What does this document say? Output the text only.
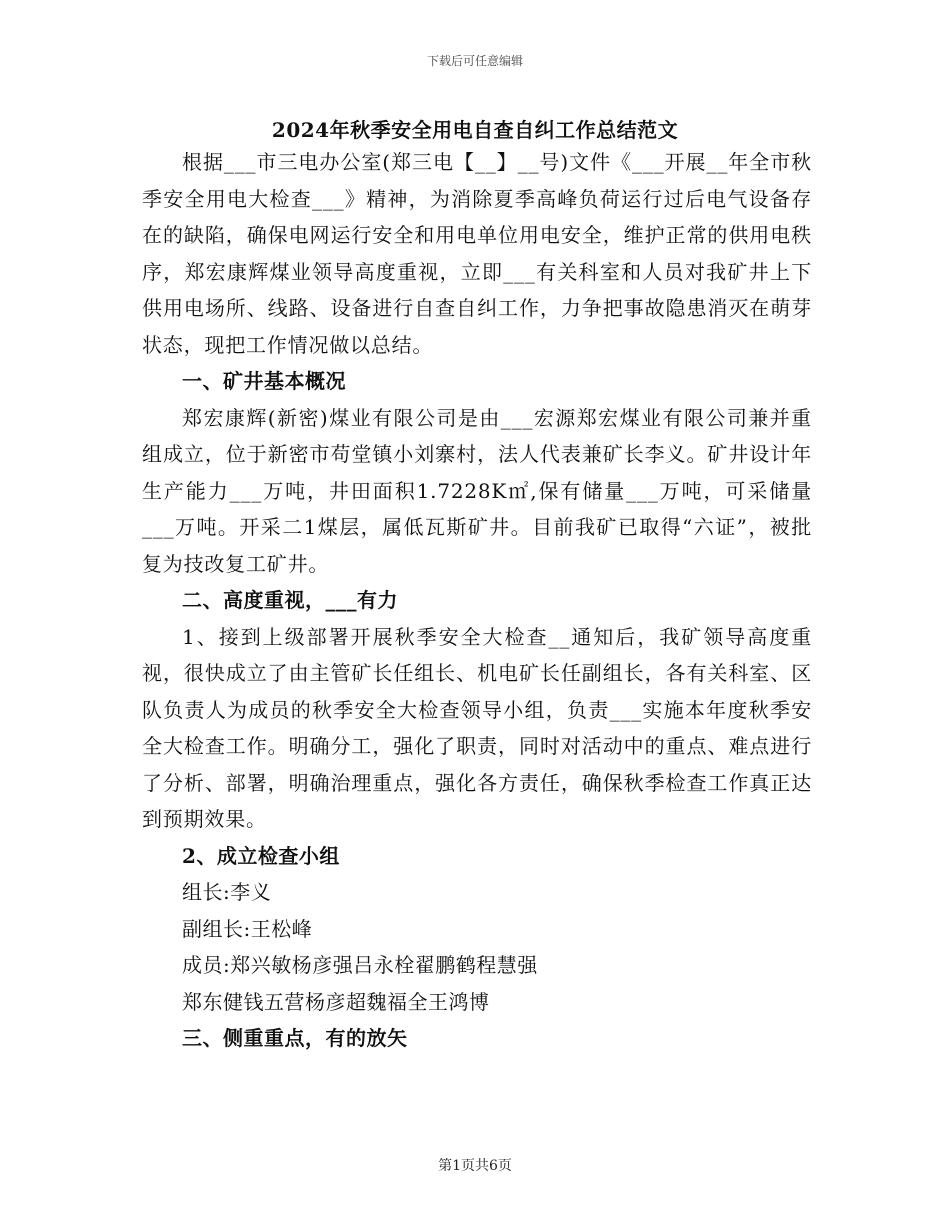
下载后可任意编辑
2024年秋季安全用电自查自纠工作总结范文

根据___市三电办公室(郑三电【__】__号)文件《___开展__年全市秋季安全用电大检查___》精神，为消除夏季高峰负荷运行过后电气设备存在的缺陷，确保电网运行安全和用电单位用电安全，维护正常的供用电秩序，郑宏康辉煤业领导高度重视，立即___有关科室和人员对我矿井上下供用电场所、线路、设备进行自查自纠工作，力争把事故隐患消灭在萌芽状态，现把工作情况做以总结。

一、矿井基本概况

郑宏康辉(新密)煤业有限公司是由___宏源郑宏煤业有限公司兼并重组成立，位于新密市苟堂镇小刘寨村，法人代表兼矿长李义。矿井设计年生产能力___万吨，井田面积1.7228K㎡,保有储量___万吨，可采储量___万吨。开采二1煤层，属低瓦斯矿井。目前我矿已取得“六证”，被批复为技改复工矿井。

二、高度重视，___有力

1、接到上级部署开展秋季安全大检查__通知后，我矿领导高度重视，很快成立了由主管矿长任组长、机电矿长任副组长，各有关科室、区队负责人为成员的秋季安全大检查领导小组，负责___实施本年度秋季安全大检查工作。明确分工，强化了职责，同时对活动中的重点、难点进行了分析、部署，明确治理重点，强化各方责任，确保秋季检查工作真正达到预期效果。

2、成立检查小组

组长:李义

副组长:王松峰

成员:郑兴敏杨彦强吕永栓翟鹏鹤程慧强

郑东健钱五营杨彦超魏福全王鸿博

三、侧重重点，有的放矢

第1页共6页
